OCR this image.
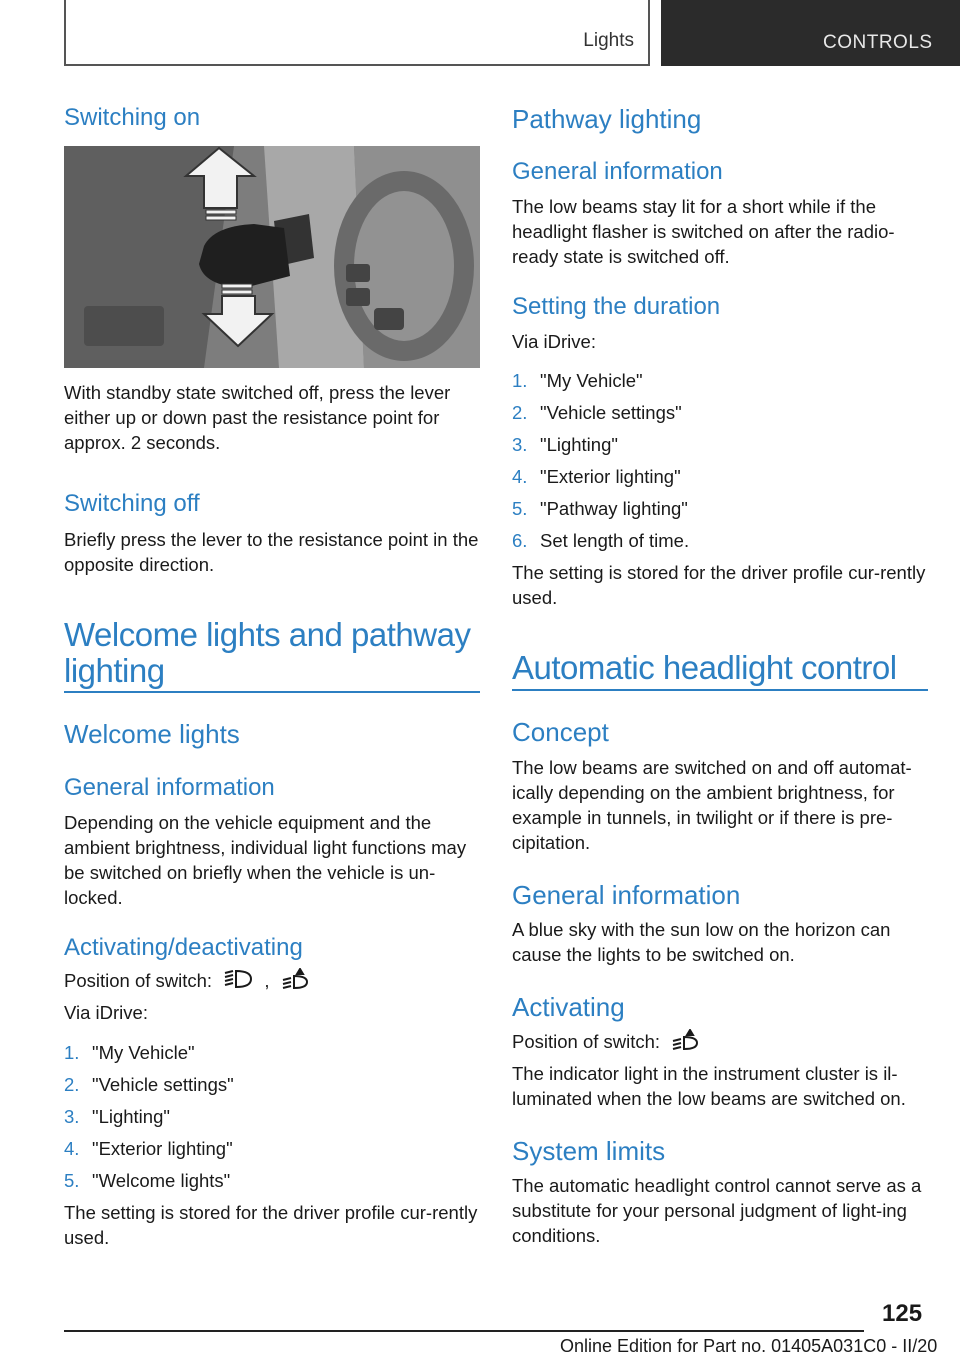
Lights	CONTROLS
Switching on
With standby state switched off, press the lever either up or down past the resistance point for approx. 2 seconds.
Switching off
Briefly press the lever to the resistance point in the opposite direction.
Welcome lights and pathway lighting
Welcome lights
General information
Depending on the vehicle equipment and the ambient brightness, individual light functions may be switched on briefly when the vehicle is un-locked.
Activating/deactivating
Position of switch:	,
Via iDrive:
1. "My Vehicle"
2. "Vehicle settings"
3. "Lighting"
4. "Exterior lighting"
5. "Welcome lights"
The setting is stored for the driver profile cur-rently used.
Pathway lighting
General information
The low beams stay lit for a short while if the headlight flasher is switched on after the radio-ready state is switched off.
Setting the duration
Via iDrive:
1. "My Vehicle"
2. "Vehicle settings"
3. "Lighting"
4. "Exterior lighting"
5. "Pathway lighting"
6. Set length of time.
The setting is stored for the driver profile cur-rently used.
Automatic headlight control
Concept
The low beams are switched on and off automat-ically depending on the ambient brightness, for example in tunnels, in twilight or if there is pre-cipitation.
General information
A blue sky with the sun low on the horizon can cause the lights to be switched on.
Activating
Position of switch:
The indicator light in the instrument cluster is il-luminated when the low beams are switched on.
System limits
The automatic headlight control cannot serve as a substitute for your personal judgment of light-ing conditions.
125
Online Edition for Part no. 01405A031C0 - II/20
